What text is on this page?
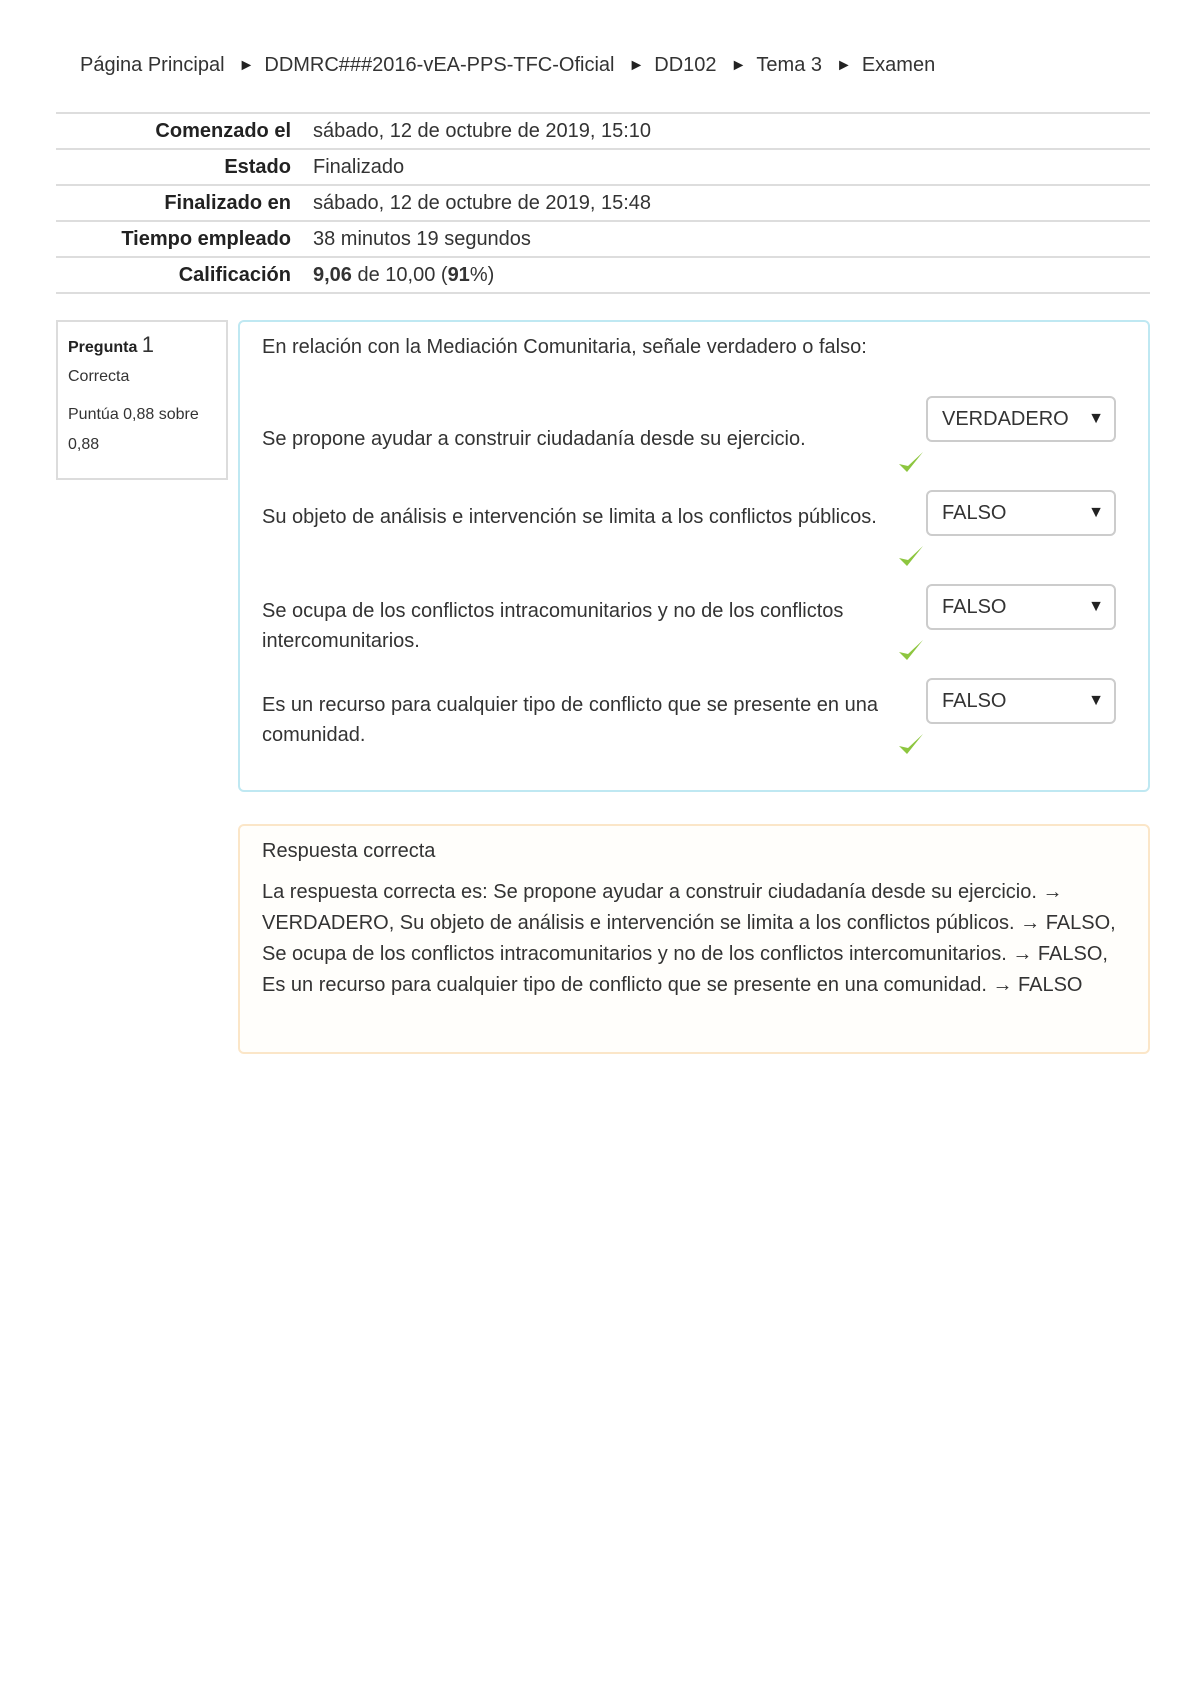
Página Principal ► DDMRC###2016-vEA-PPS-TFC-Oficial ► DD102 ► Tema 3 ► Examen
Comenzado el	sábado, 12 de octubre de 2019, 15:10
Estado	Finalizado
Finalizado en	sábado, 12 de octubre de 2019, 15:48
Tiempo empleado	38 minutos 19 segundos
Calificación	9,06 de 10,00 (91%)
Pregunta 1
Correcta
Puntúa 0,88 sobre 0,88
En relación con la Mediación Comunitaria, señale verdadero o falso:
Se propone ayudar a construir ciudadanía desde su ejercicio.
VERDADERO ▼
Su objeto de análisis e intervención se limita a los conflictos públicos.	FALSO	▼
Se ocupa de los conflictos intracomunitarios y no de los conflictos intercomunitarios.
FALSO	▼
Es un recurso para cualquier tipo de conflicto que se presente en una comunidad.
FALSO	▼
Respuesta correcta
La respuesta correcta es: Se propone ayudar a construir ciudadanía desde su ejercicio. → VERDADERO, Su objeto de análisis e intervención se limita a los conflictos públicos. → FALSO, Se ocupa de los conflictos intracomunitarios y no de los conflictos intercomunitarios. → FALSO, Es un recurso para cualquier tipo de conflicto que se presente en una comunidad. → FALSO
